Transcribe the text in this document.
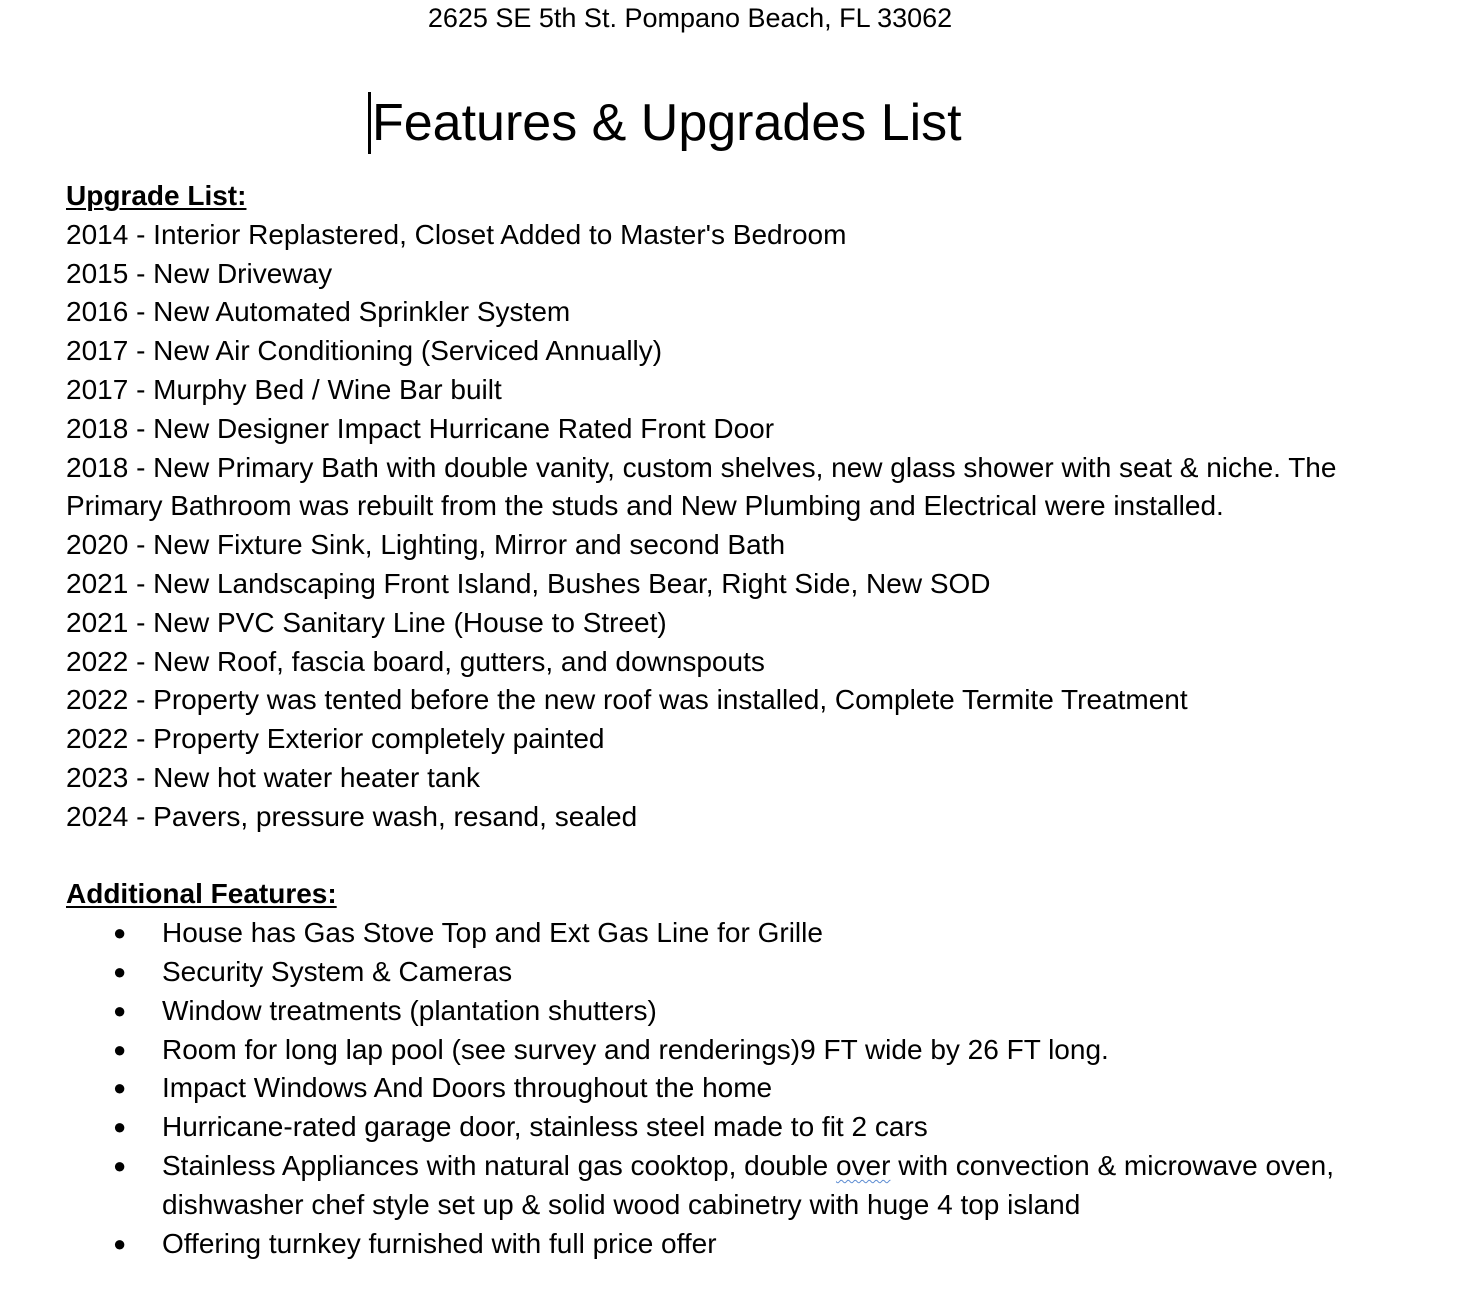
2625 SE 5th St. Pompano Beach, FL 33062
Features & Upgrades List
Upgrade List:
2014 - Interior Replastered, Closet Added to Master's Bedroom
2015 - New Driveway
2016 - New Automated Sprinkler System
2017 - New Air Conditioning (Serviced Annually)
2017 - Murphy Bed / Wine Bar built
2018 - New Designer Impact Hurricane Rated Front Door
2018 - New Primary Bath with double vanity, custom shelves, new glass shower with seat & niche. The Primary Bathroom was rebuilt from the studs and New Plumbing and Electrical were installed.
2020 - New Fixture Sink, Lighting, Mirror and second Bath
2021 - New Landscaping Front Island, Bushes Bear, Right Side, New SOD
2021 - New PVC Sanitary Line (House to Street)
2022 - New Roof, fascia board, gutters, and downspouts
2022 - Property was tented before the new roof was installed, Complete Termite Treatment
2022 - Property Exterior completely painted
2023 - New hot water heater tank
2024 - Pavers, pressure wash, resand, sealed
Additional Features:
● House has Gas Stove Top and Ext Gas Line for Grille
● Security System & Cameras
● Window treatments (plantation shutters)
● Room for long lap pool (see survey and renderings)9 FT wide by 26 FT long.
● Impact Windows And Doors throughout the home
● Hurricane-rated garage door, stainless steel made to fit 2 cars
● Stainless Appliances with natural gas cooktop, double over with convection & microwave oven, dishwasher chef style set up & solid wood cabinetry with huge 4 top island
● Offering turnkey furnished with full price offer
